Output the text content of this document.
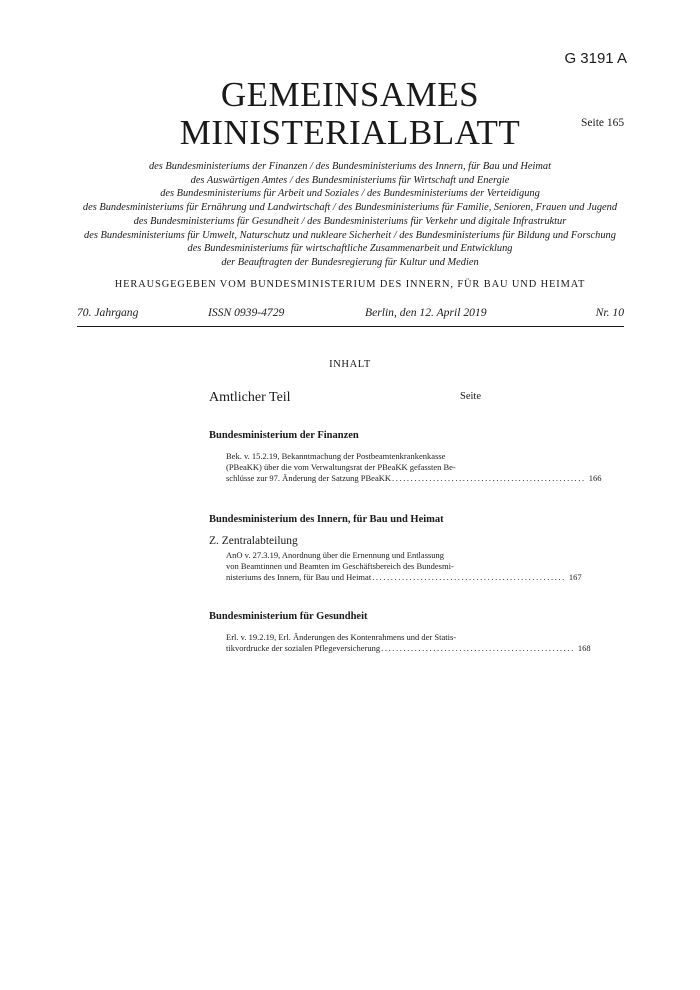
G 3191 A
GEMEINSAMES
MINISTERIALBLATT	Seite 165
des Bundesministeriums der Finanzen / des Bundesministeriums des Innern, für Bau und Heimat
des Auswärtigen Amtes / des Bundesministeriums für Wirtschaft und Energie
des Bundesministeriums für Arbeit und Soziales / des Bundesministeriums der Verteidigung
des Bundesministeriums für Ernährung und Landwirtschaft / des Bundesministeriums für Familie, Senioren, Frauen und Jugend
des Bundesministeriums für Gesundheit / des Bundesministeriums für Verkehr und digitale Infrastruktur
des Bundesministeriums für Umwelt, Naturschutz und nukleare Sicherheit / des Bundesministeriums für Bildung und Forschung
des Bundesministeriums für wirtschaftliche Zusammenarbeit und Entwicklung
der Beauftragten der Bundesregierung für Kultur und Medien
HERAUSGEGEBEN VOM BUNDESMINISTERIUM DES INNERN, FÜR BAU UND HEIMAT
70. Jahrgang	ISSN 0939-4729	Berlin, den 12. April 2019	Nr. 10
INHALT
Amtlicher Teil	Seite
Bundesministerium der Finanzen
Bek. v. 15.2.19, Bekanntmachung der Postbeamtenkrankenkasse
(PBeaKK) über die vom Verwaltungsrat der PBeaKK gefassten Be-
schlüsse zur 97. Änderung der Satzung PBeaKK .................................................... 166
Bundesministerium des Innern, für Bau und Heimat
Z. Zentralabteilung
AnO v. 27.3.19, Anordnung über die Ernennung und Entlassung
von Beamtinnen und Beamten im Geschäftsbereich des Bundesmi-
nisteriums des Innern, für Bau und Heimat .................................................... 167
Bundesministerium für Gesundheit
Erl. v. 19.2.19, Erl. Änderungen des Kontenrahmens und der Statis-
tikvordrucke der sozialen Pflegeversicherung .................................................... 168
